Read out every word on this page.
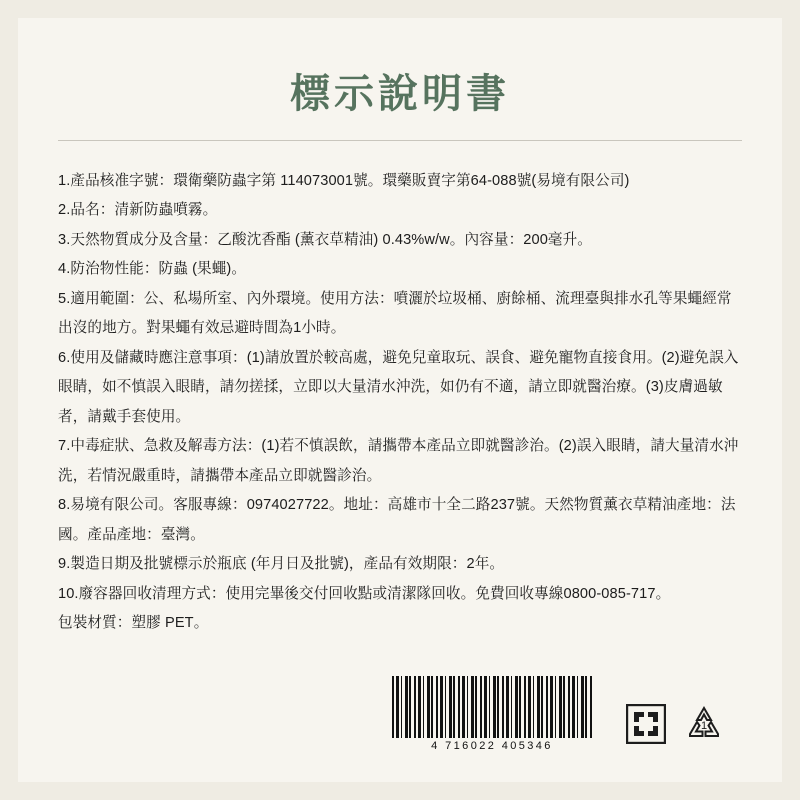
標示說明書

1.產品核准字號：環衛藥防蟲字第 114073001號。環藥販賣字第64-088號(易境有限公司)

2.品名：清新防蟲噴霧。

3.天然物質成分及含量：乙酸沈香酯 (薰衣草精油) 0.43%w/w。內容量：200毫升。

4.防治物性能：防蟲 (果蠅)。

5.適用範圍：公、私場所室、內外環境。使用方法：噴灑於垃圾桶、廚餘桶、流理臺與排水孔等果蠅經常出沒的地方。對果蠅有效忌避時間為1小時。

6.使用及儲藏時應注意事項：(1)請放置於較高處，避免兒童取玩、誤食、避免寵物直接食用。(2)避免誤入眼睛，如不慎誤入眼睛，請勿搓揉，立即以大量清水沖洗，如仍有不適，請立即就醫治療。(3)皮膚過敏者，請戴手套使用。

7.中毒症狀、急救及解毒方法：(1)若不慎誤飲，請攜帶本產品立即就醫診治。(2)誤入眼睛，請大量清水沖洗，若情況嚴重時，請攜帶本產品立即就醫診治。

8.易境有限公司。客服專線：0974027722。地址：高雄市十全二路237號。天然物質薰衣草精油產地：法國。產品產地：臺灣。

9.製造日期及批號標示於瓶底 (年月日及批號)，產品有效期限：2年。

10.廢容器回收清理方式：使用完畢後交付回收點或清潔隊回收。免費回收專線0800-085-717。

包裝材質：塑膠 PET。

4 716022 405346
1
